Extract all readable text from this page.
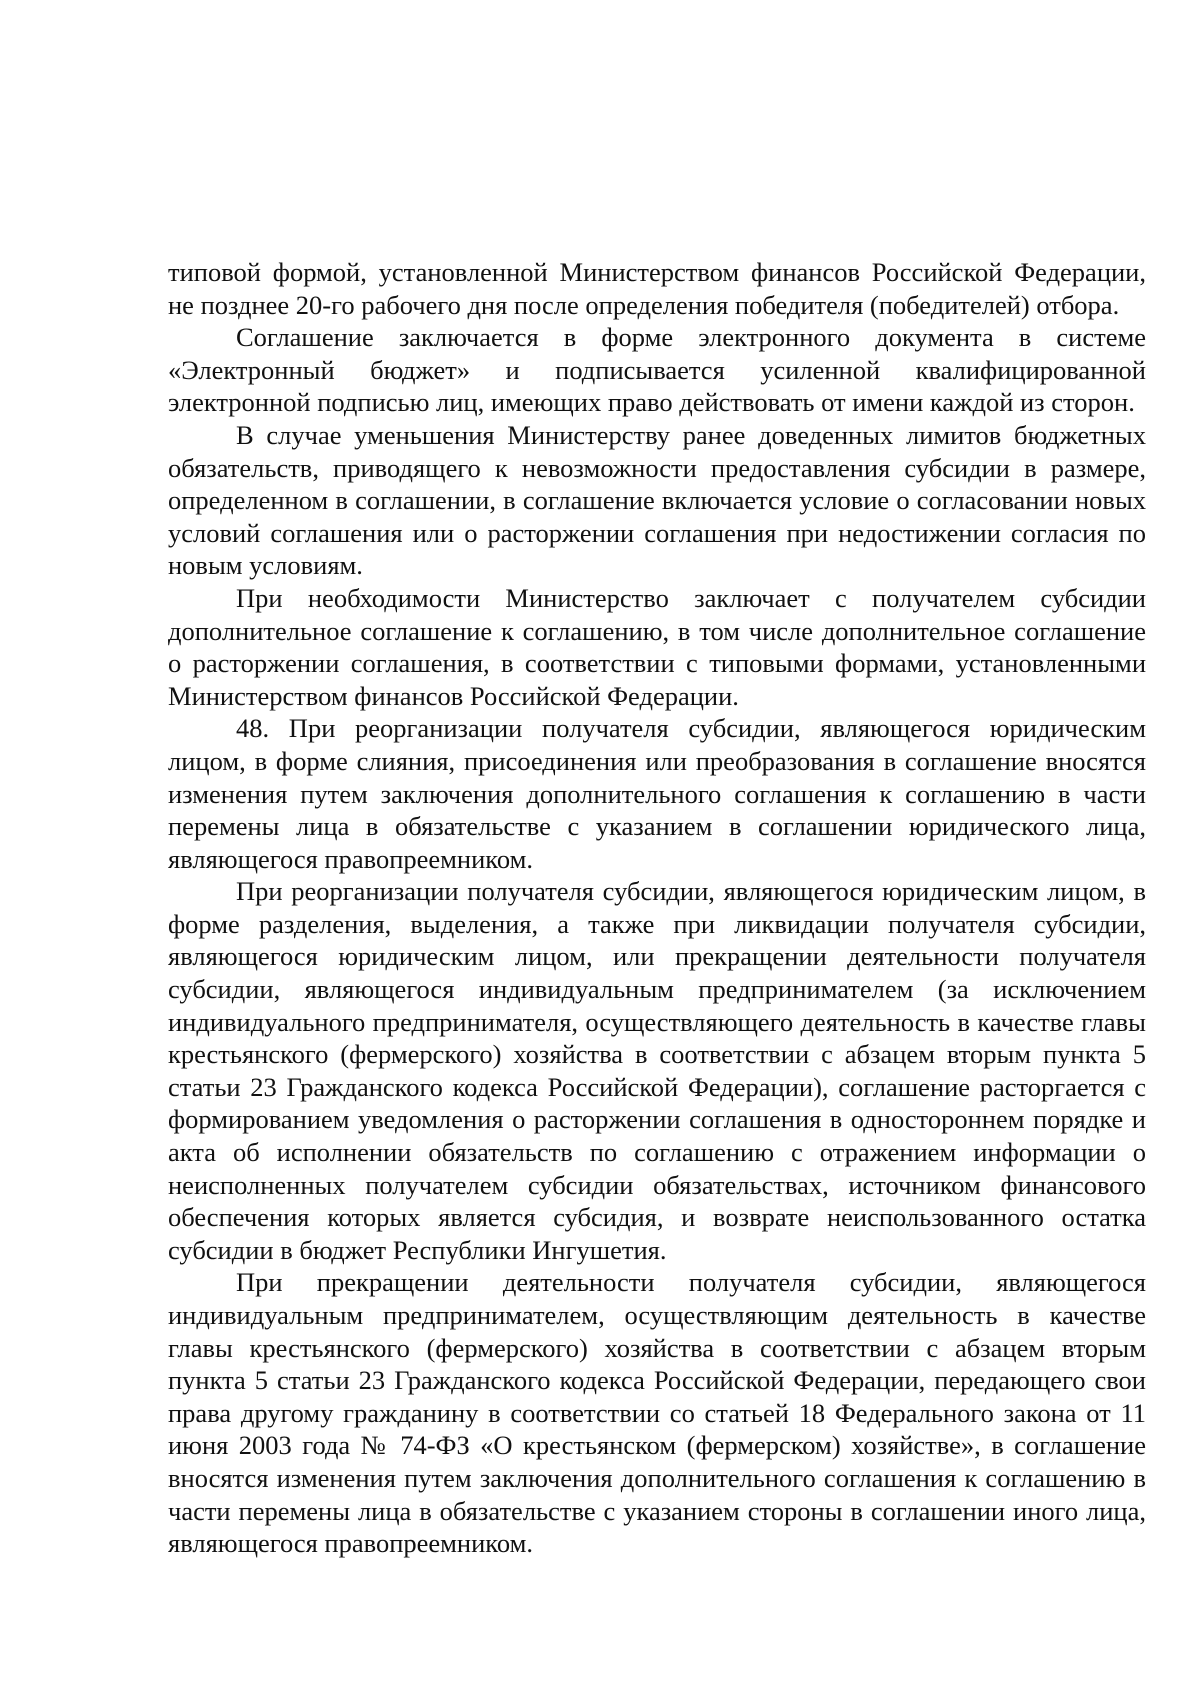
типовой формой, установленной Министерством финансов Российской Федерации, не позднее 20-го рабочего дня после определения победителя (победителей) отбора.

Соглашение заключается в форме электронного документа в системе «Электронный бюджет» и подписывается усиленной квалифицированной электронной подписью лиц, имеющих право действовать от имени каждой из сторон.

В случае уменьшения Министерству ранее доведенных лимитов бюджетных обязательств, приводящего к невозможности предоставления субсидии в размере, определенном в соглашении, в соглашение включается условие о согласовании новых условий соглашения или о расторжении соглашения при недостижении согласия по новым условиям.

При необходимости Министерство заключает с получателем субсидии дополнительное соглашение к соглашению, в том числе дополнительное соглашение о расторжении соглашения, в соответствии с типовыми формами, установленными Министерством финансов Российской Федерации.

48. При реорганизации получателя субсидии, являющегося юридическим лицом, в форме слияния, присоединения или преобразования в соглашение вносятся изменения путем заключения дополнительного соглашения к соглашению в части перемены лица в обязательстве с указанием в соглашении юридического лица, являющегося правопреемником.

При реорганизации получателя субсидии, являющегося юридическим лицом, в форме разделения, выделения, а также при ликвидации получателя субсидии, являющегося юридическим лицом, или прекращении деятельности получателя субсидии, являющегося индивидуальным предпринимателем (за исключением индивидуального предпринимателя, осуществляющего деятельность в качестве главы крестьянского (фермерского) хозяйства в соответствии с абзацем вторым пункта 5 статьи 23 Гражданского кодекса Российской Федерации), соглашение расторгается с формированием уведомления о расторжении соглашения в одностороннем порядке и акта об исполнении обязательств по соглашению с отражением информации о неисполненных получателем субсидии обязательствах, источником финансового обеспечения которых является субсидия, и возврате неиспользованного остатка субсидии в бюджет Республики Ингушетия.

При прекращении деятельности получателя субсидии, являющегося индивидуальным предпринимателем, осуществляющим деятельность в качестве главы крестьянского (фермерского) хозяйства в соответствии с абзацем вторым пункта 5 статьи 23 Гражданского кодекса Российской Федерации, передающего свои права другому гражданину в соответствии со статьей 18 Федерального закона от 11 июня 2003 года № 74-ФЗ «О крестьянском (фермерском) хозяйстве», в соглашение вносятся изменения путем заключения дополнительного соглашения к соглашению в части перемены лица в обязательстве с указанием стороны в соглашении иного лица, являющегося правопреемником.
